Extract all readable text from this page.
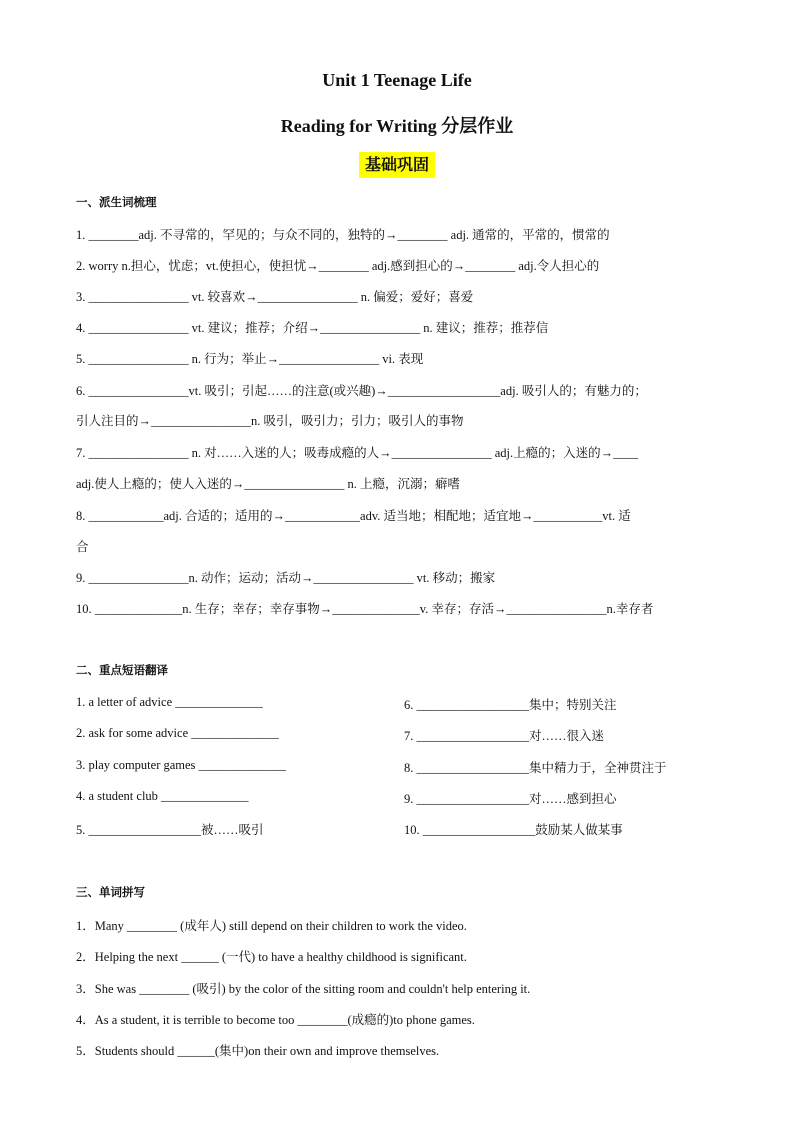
Unit 1 Teenage Life
Reading for Writing 分层作业
基础巩固
一、派生词梳理
1. ________adj. 不寻常的，罕见的；与众不同的，独特的→________ adj. 通常的，平常的，惯常的
2. worry n.担心，忧虑；vt.使担心，使担忧→________ adj.感到担心的→________ adj.令人担心的
3. ________________ vt. 较喜欢→________________ n. 偏爱；爱好；喜爱
4. ________________ vt. 建议；推荐；介绍→________________ n. 建议；推荐；推荐信
5. ________________ n. 行为；举止→________________ vi. 表现
6. ________________vt. 吸引；引起……的注意(或兴趣)→__________________adj. 吸引人的；有魅力的；
引人注目的→________________n. 吸引，吸引力；引力；吸引人的事物
7. ________________ n. 对……入迷的人；吸毒成瘾的人→________________ adj.上瘾的；入迷的→____
adj.使人上瘾的；使人入迷的→________________ n. 上瘾，沉溺；癖嗜
8. ____________adj. 合适的；适用的→____________adv. 适当地；相配地；适宜地→___________vt. 适
合
9. ________________n. 动作；运动；活动→________________ vt. 移动；搬家
10. ______________n. 生存；幸存；幸存事物→______________v. 幸存；存活→________________n.幸存者
二、重点短语翻译
1. a letter of advice ______________
2. ask for some advice ______________
3. play computer games ______________
4. a student club ______________
5. __________________被……吸引
6. __________________集中；特别关注
7. __________________对……很入迷
8. __________________集中精力于，全神贯注于
9. __________________对……感到担心
10. __________________鼓励某人做某事
三、单词拼写
1．Many ________ (成年人) still depend on their children to work the video.
2．Helping the next ______ (一代) to have a healthy childhood is significant.
3．She was ________ (吸引) by the color of the sitting room and couldn't help entering it.
4．As a student, it is terrible to become too ________(成瘾的)to phone games.
5．Students should ______(集中)on their own and improve themselves.
